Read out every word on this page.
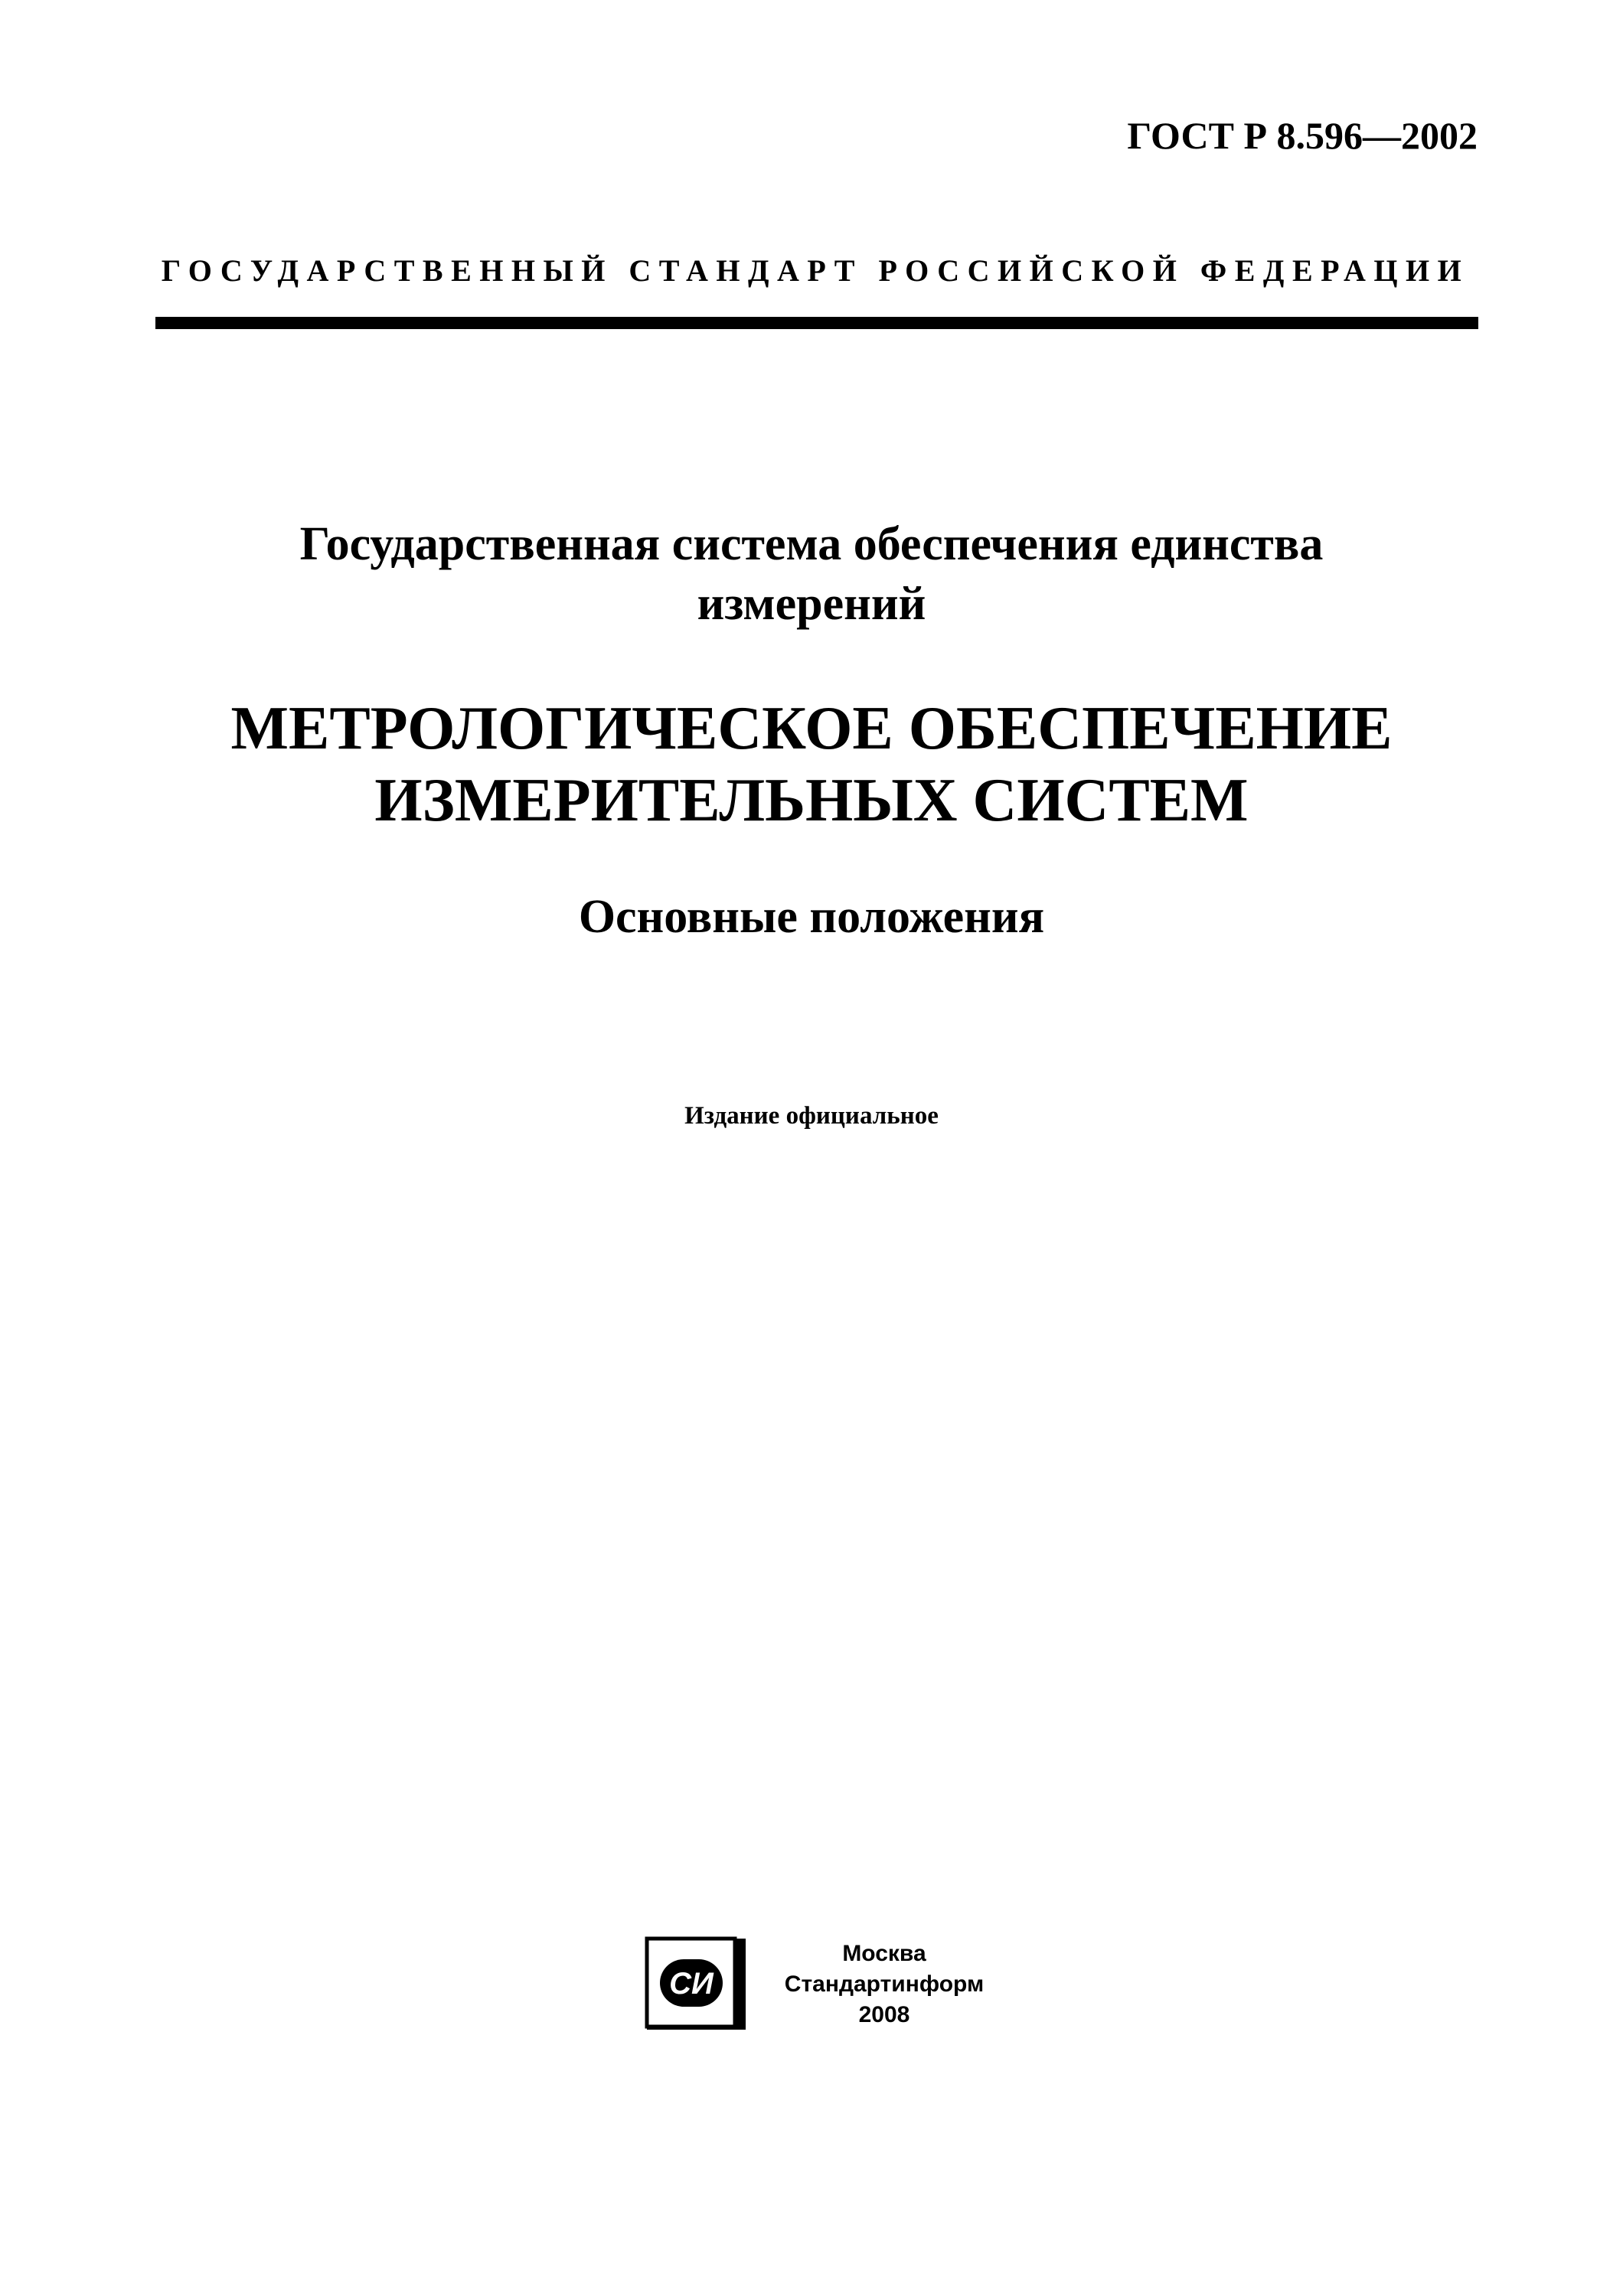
ГОСТ Р 8.596—2002
ГОСУДАРСТВЕННЫЙ СТАНДАРТ РОССИЙСКОЙ ФЕДЕРАЦИИ
Государственная система обеспечения единства
измерений
МЕТРОЛОГИЧЕСКОЕ ОБЕСПЕЧЕНИЕ
ИЗМЕРИТЕЛЬНЫХ СИСТЕМ
Основные положения
Издание официальное
СИ
Москва
Стандартинформ
2008
